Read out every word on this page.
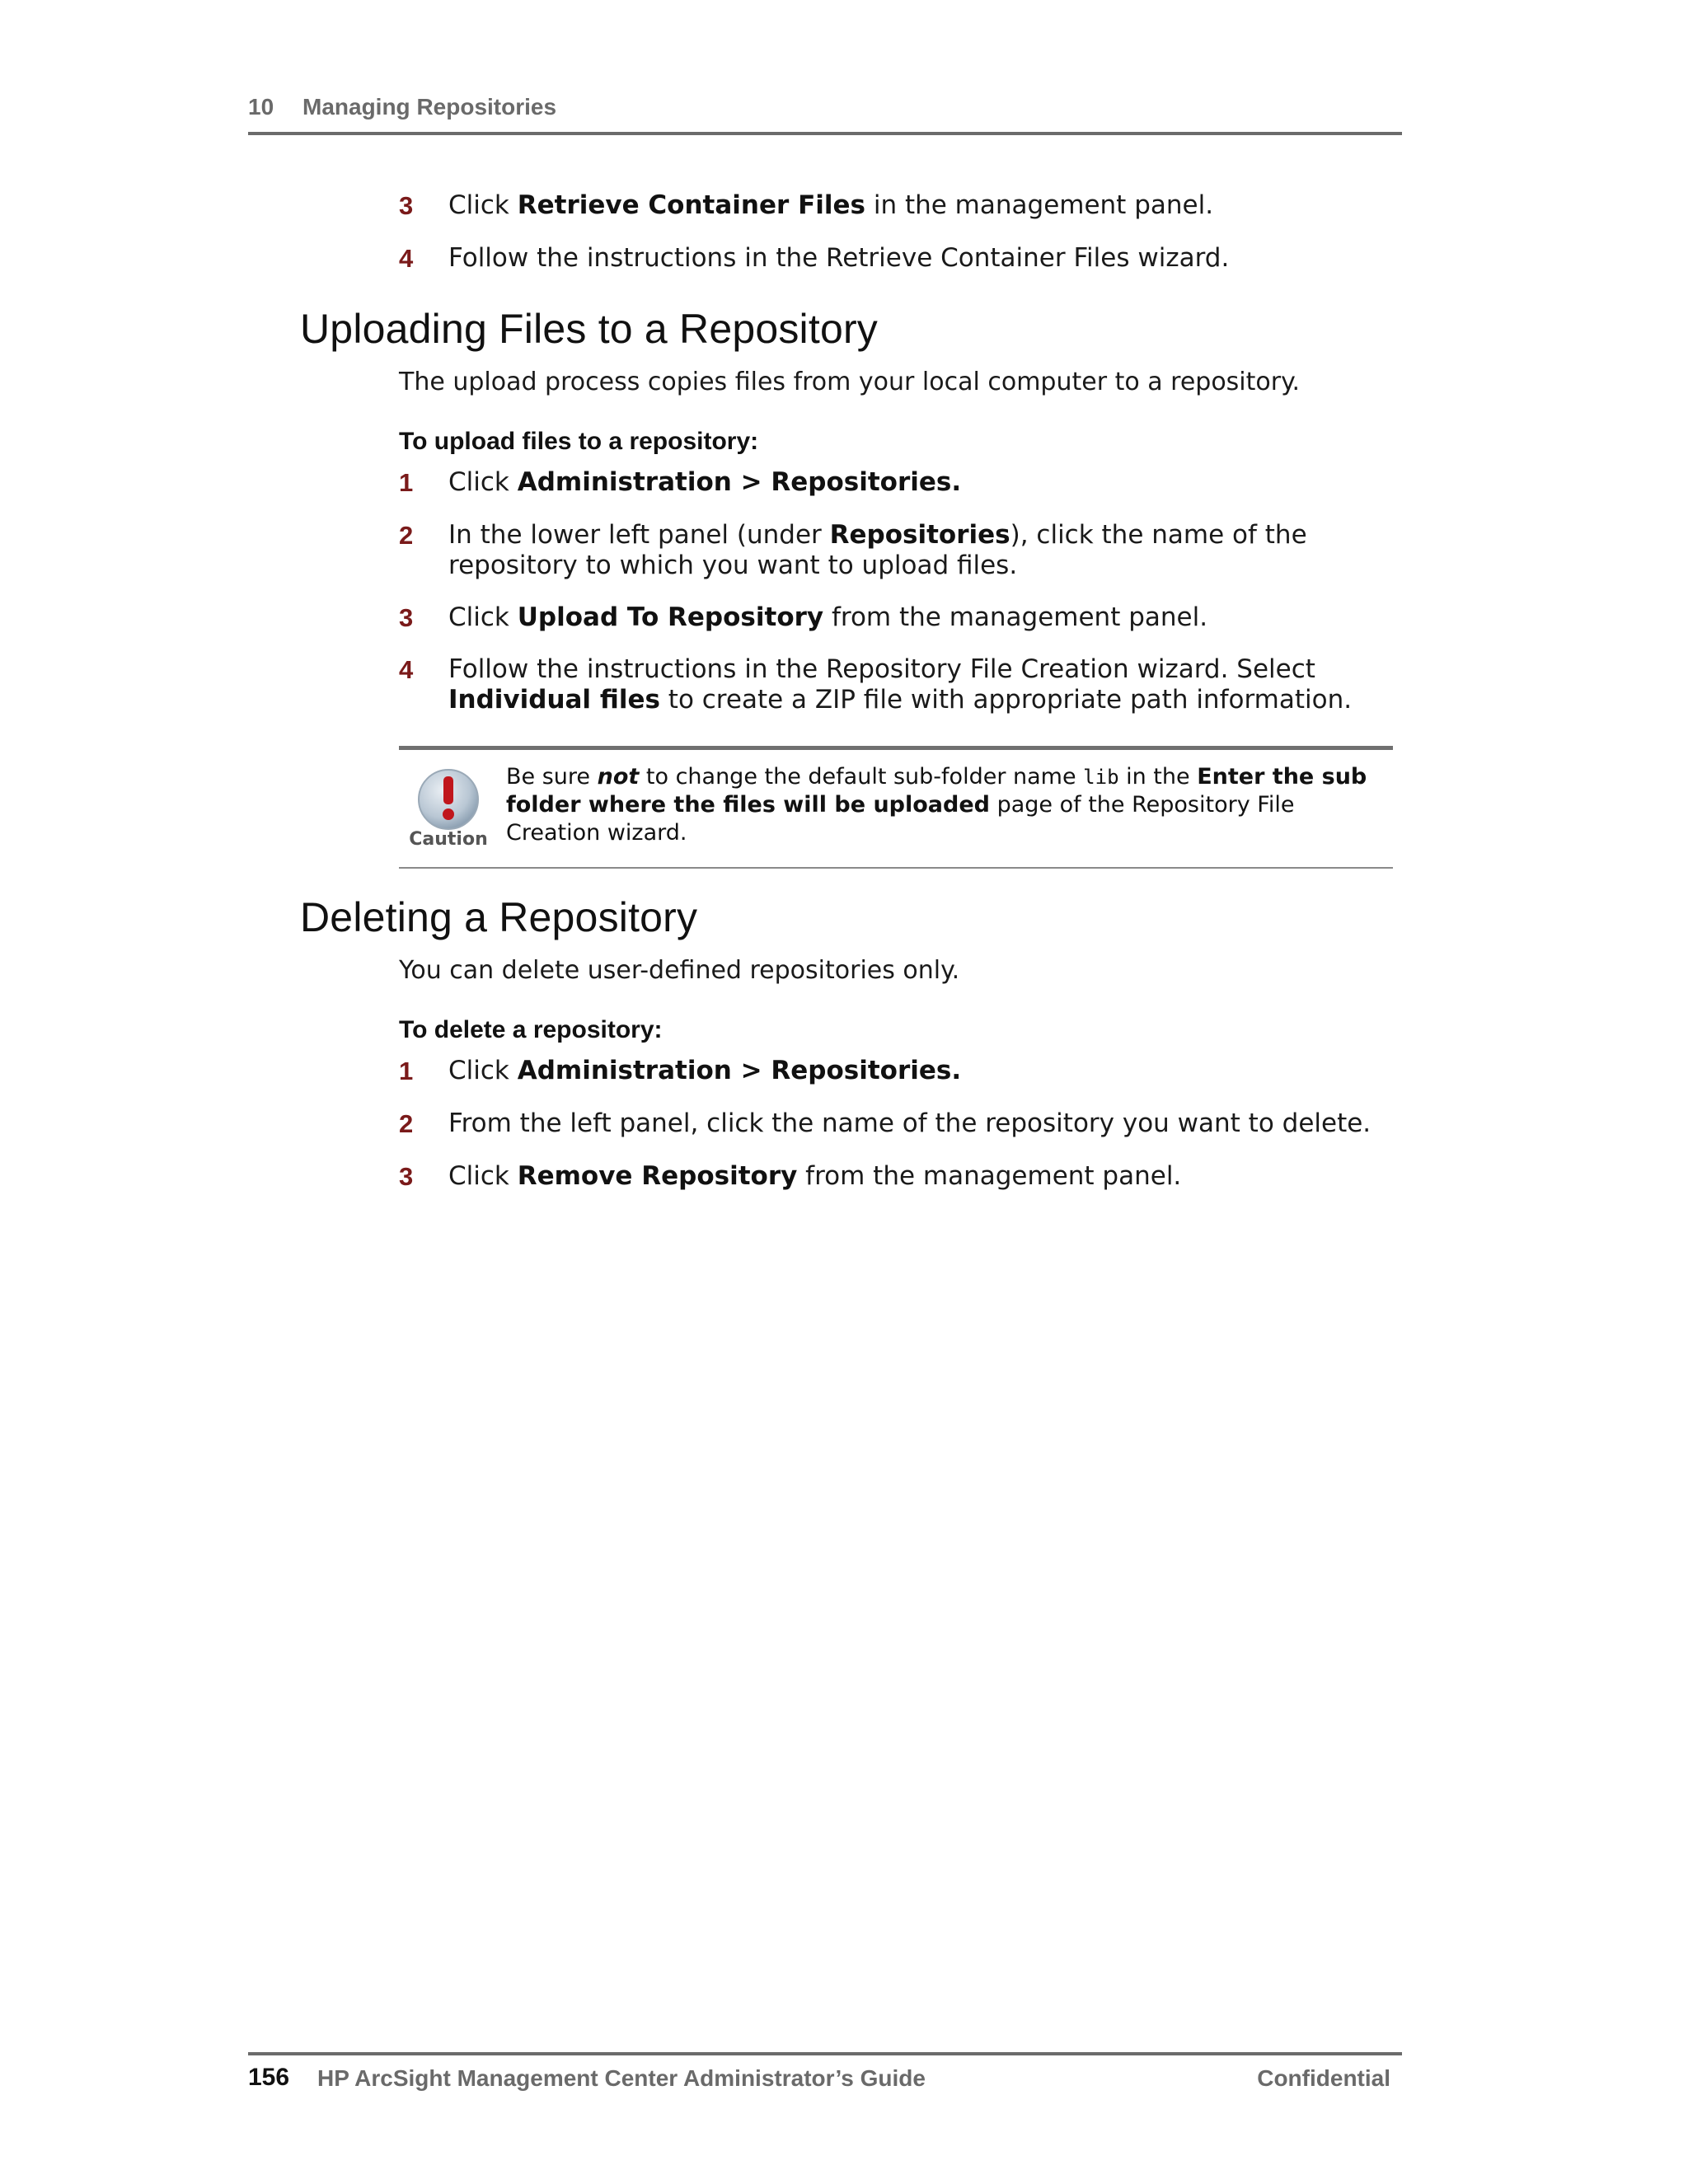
10 Managing Repositories
3	Click Retrieve Container Files in the management panel.
4	Follow the instructions in the Retrieve Container Files wizard.
Uploading Files to a Repository
The upload process copies files from your local computer to a repository.
To upload files to a repository:
1	Click Administration > Repositories.
2	In the lower left panel (under Repositories), click the name of the repository to which you want to upload files.
3	Click Upload To Repository from the management panel.
4	Follow the instructions in the Repository File Creation wizard. Select Individual files to create a ZIP file with appropriate path information.
Caution
Be sure not to change the default sub-folder name lib in the Enter the sub folder where the files will be uploaded page of the Repository File Creation wizard.
Deleting a Repository
You can delete user-defined repositories only.
To delete a repository:
1	Click Administration > Repositories.
2	From the left panel, click the name of the repository you want to delete.
3	Click Remove Repository from the management panel.
156 HP ArcSight Management Center Administrator’s Guide	Confidential
